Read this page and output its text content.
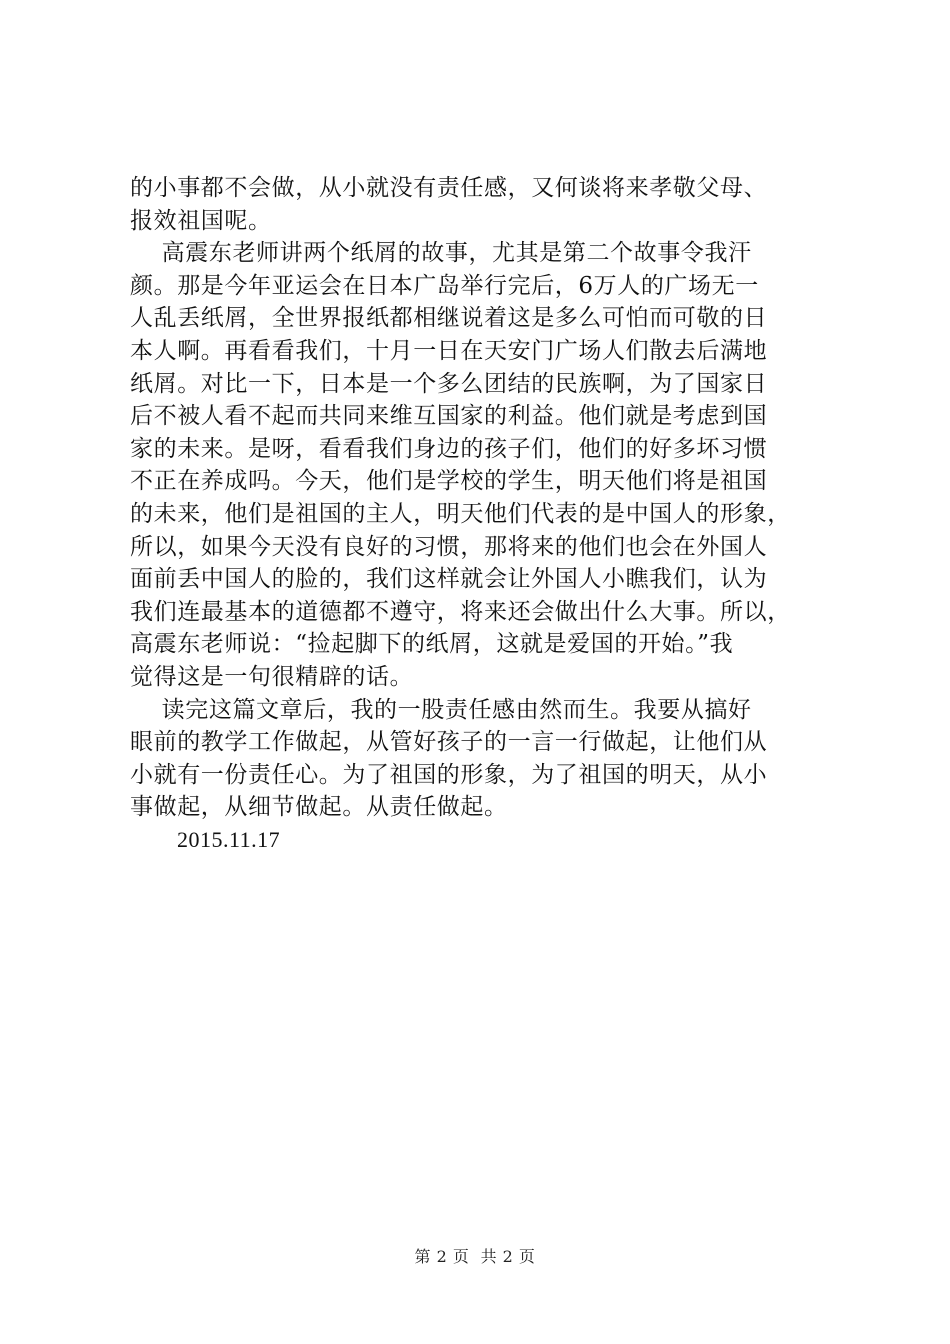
的小事都不会做，从小就没有责任感，又何谈将来孝敬父母、
报效祖国呢。
高震东老师讲两个纸屑的故事，尤其是第二个故事令我汗
颜。那是今年亚运会在日本广岛举行完后，6万人的广场无一
人乱丢纸屑，全世界报纸都相继说着这是多么可怕而可敬的日
本人啊。再看看我们，十月一日在天安门广场人们散去后满地
纸屑。对比一下，日本是一个多么团结的民族啊，为了国家日
后不被人看不起而共同来维互国家的利益。他们就是考虑到国
家的未来。是呀，看看我们身边的孩子们，他们的好多坏习惯
不正在养成吗。今天，他们是学校的学生，明天他们将是祖国
的未来，他们是祖国的主人，明天他们代表的是中国人的形象，
所以，如果今天没有良好的习惯，那将来的他们也会在外国人
面前丢中国人的脸的，我们这样就会让外国人小瞧我们，认为
我们连最基本的道德都不遵守，将来还会做出什么大事。所以，
高震东老师说：“捡起脚下的纸屑，这就是爱国的开始。”我
觉得这是一句很精辟的话。
读完这篇文章后，我的一股责任感由然而生。我要从搞好
眼前的教学工作做起，从管好孩子的一言一行做起，让他们从
小就有一份责任心。为了祖国的形象，为了祖国的明天，从小
事做起，从细节做起。从责任做起。
2015.11.17
第 2 页  共 2 页
